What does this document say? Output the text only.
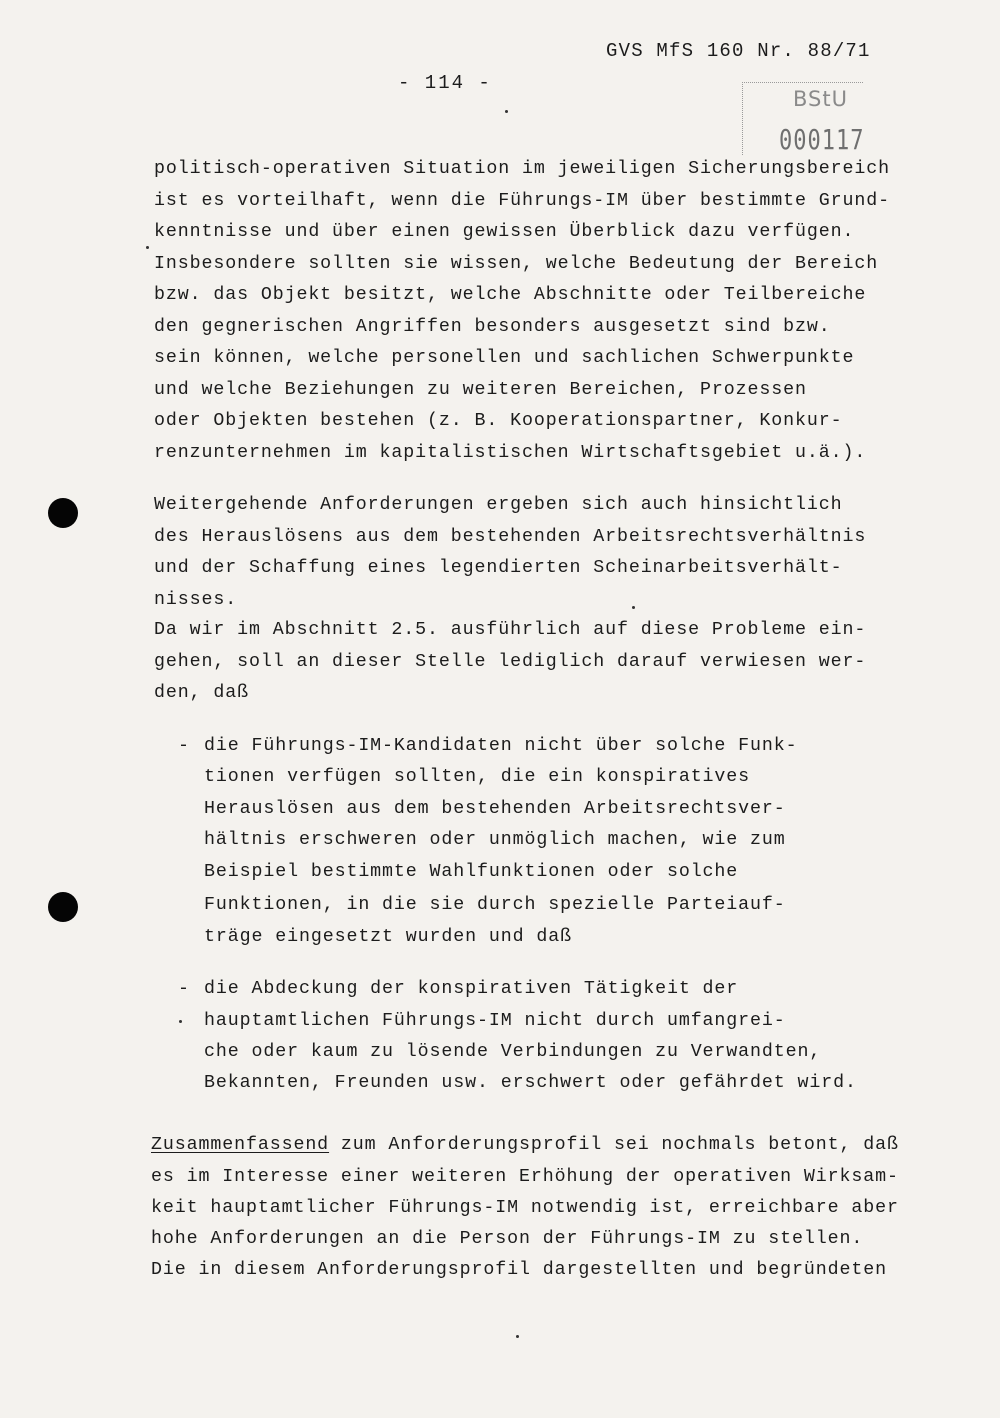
GVS MfS 160 Nr. 88/71
- 114 -
BStU
000117
politisch-operativen Situation im jeweiligen Sicherungsbereich
ist es vorteilhaft, wenn die Führungs-IM über bestimmte Grund-
kenntnisse und über einen gewissen Überblick dazu verfügen.
Insbesondere sollten sie wissen, welche Bedeutung der Bereich
bzw. das Objekt besitzt, welche Abschnitte oder Teilbereiche
den gegnerischen Angriffen besonders ausgesetzt sind bzw.
sein können, welche personellen und sachlichen Schwerpunkte
und welche Beziehungen zu weiteren Bereichen, Prozessen
oder Objekten bestehen (z. B. Kooperationspartner, Konkur-
renzunternehmen im kapitalistischen Wirtschaftsgebiet u.ä.).
Weitergehende Anforderungen ergeben sich auch hinsichtlich
des Herauslösens aus dem bestehenden Arbeitsrechtsverhältnis
und der Schaffung eines legendierten Scheinarbeitsverhält-
nisses.
Da wir im Abschnitt 2.5. ausführlich auf diese Probleme ein-
gehen, soll an dieser Stelle lediglich darauf verwiesen wer-
den, daß
- die Führungs-IM-Kandidaten nicht über solche Funk-
tionen verfügen sollten, die ein konspiratives
Herauslösen aus dem bestehenden Arbeitsrechtsver-
hältnis erschweren oder unmöglich machen, wie zum
Beispiel bestimmte Wahlfunktionen oder solche
Funktionen, in die sie durch spezielle Parteiauf-
träge eingesetzt wurden und daß
- die Abdeckung der konspirativen Tätigkeit der
hauptamtlichen Führungs-IM nicht durch umfangrei-
che oder kaum zu lösende Verbindungen zu Verwandten,
Bekannten, Freunden usw. erschwert oder gefährdet wird.
Zusammenfassend zum Anforderungsprofil sei nochmals betont, daß
es im Interesse einer weiteren Erhöhung der operativen Wirksam-
keit hauptamtlicher Führungs-IM notwendig ist, erreichbare aber
hohe Anforderungen an die Person der Führungs-IM zu stellen.
Die in diesem Anforderungsprofil dargestellten und begründeten
